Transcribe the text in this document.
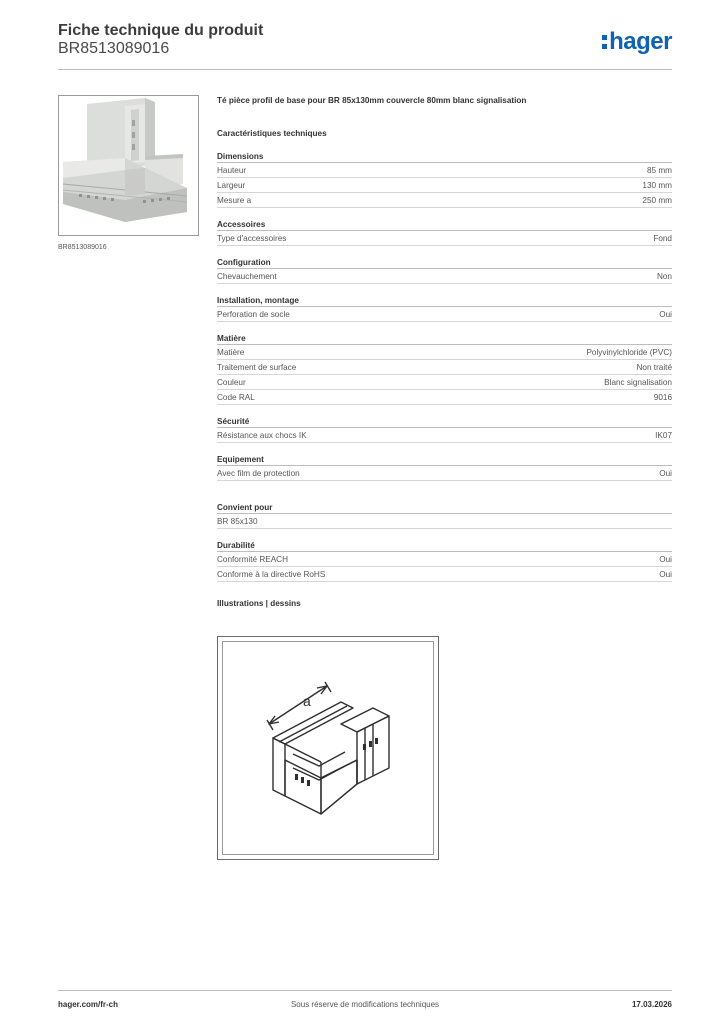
Fiche technique du produit
BR8513089016	hager
BR8513089016
Té pièce profil de base pour BR 85x130mm couvercle 80mm blanc signalisation
Caractéristiques techniques
Dimensions
Hauteur	85 mm
Largeur	130 mm
Mesure a	250 mm
Accessoires
Type d'accessoires	Fond
Configuration
Chevauchement	Non
Installation, montage
Perforation de socle	Oui
Matière
Matière	Polyvinylchloride (PVC)
Traitement de surface	Non traité
Couleur	Blanc signalisation
Code RAL	9016
Sécurité
Résistance aux chocs IK	IK07
Equipement
Avec film de protection	Oui
Convient pour
BR 85x130
Durabilité
Conformité REACH	Oui
Conforme à la directive RoHS	Oui
Illustrations | dessins
a
hager.com/fr-ch	Sous réserve de modifications techniques	17.03.2026
